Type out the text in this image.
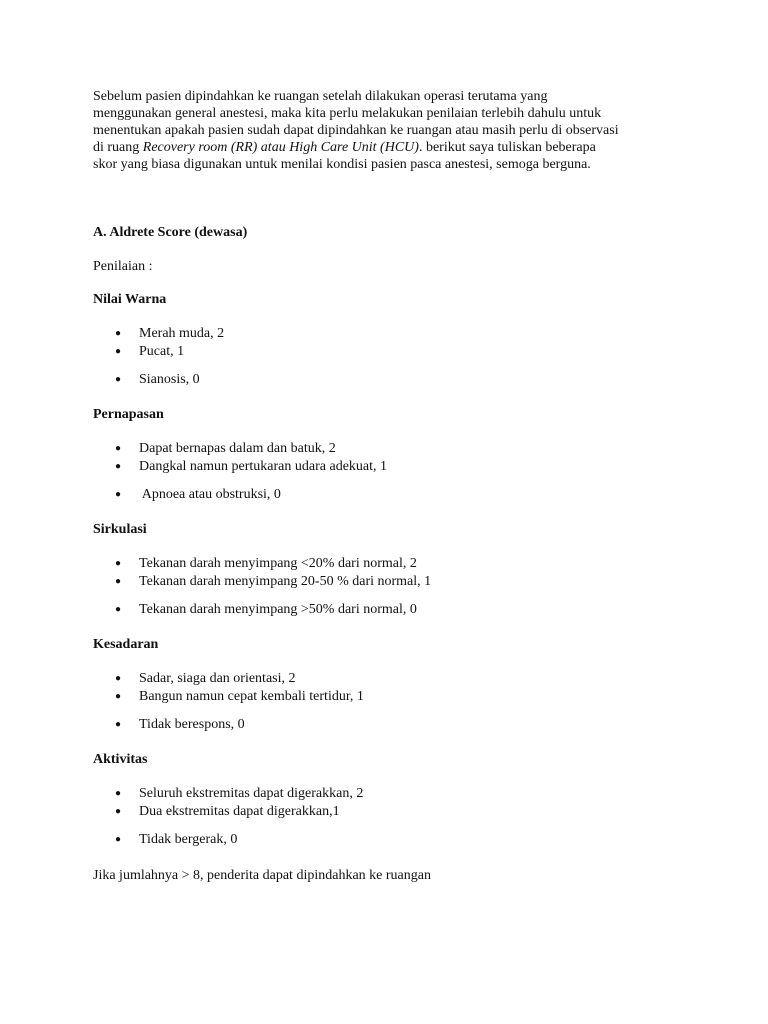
Sebelum pasien dipindahkan ke ruangan setelah dilakukan operasi terutama yang
menggunakan general anestesi, maka kita perlu melakukan penilaian terlebih dahulu untuk
menentukan apakah pasien sudah dapat dipindahkan ke ruangan atau masih perlu di observasi
di ruang Recovery room (RR) atau High Care Unit (HCU). berikut saya tuliskan beberapa
skor yang biasa digunakan untuk menilai kondisi pasien pasca anestesi, semoga berguna.

A. Aldrete Score (dewasa)

Penilaian :

Nilai Warna
● Merah muda, 2
● Pucat, 1
● Sianosis, 0
Pernapasan
● Dapat bernapas dalam dan batuk, 2
● Dangkal namun pertukaran udara adekuat, 1
● Apnoea atau obstruksi, 0
Sirkulasi
● Tekanan darah menyimpang <20% dari normal, 2
● Tekanan darah menyimpang 20-50 % dari normal, 1
● Tekanan darah menyimpang >50% dari normal, 0
Kesadaran
● Sadar, siaga dan orientasi, 2
● Bangun namun cepat kembali tertidur, 1
● Tidak berespons, 0
Aktivitas
● Seluruh ekstremitas dapat digerakkan, 2
● Dua ekstremitas dapat digerakkan,1
● Tidak bergerak, 0

Jika jumlahnya > 8, penderita dapat dipindahkan ke ruangan
